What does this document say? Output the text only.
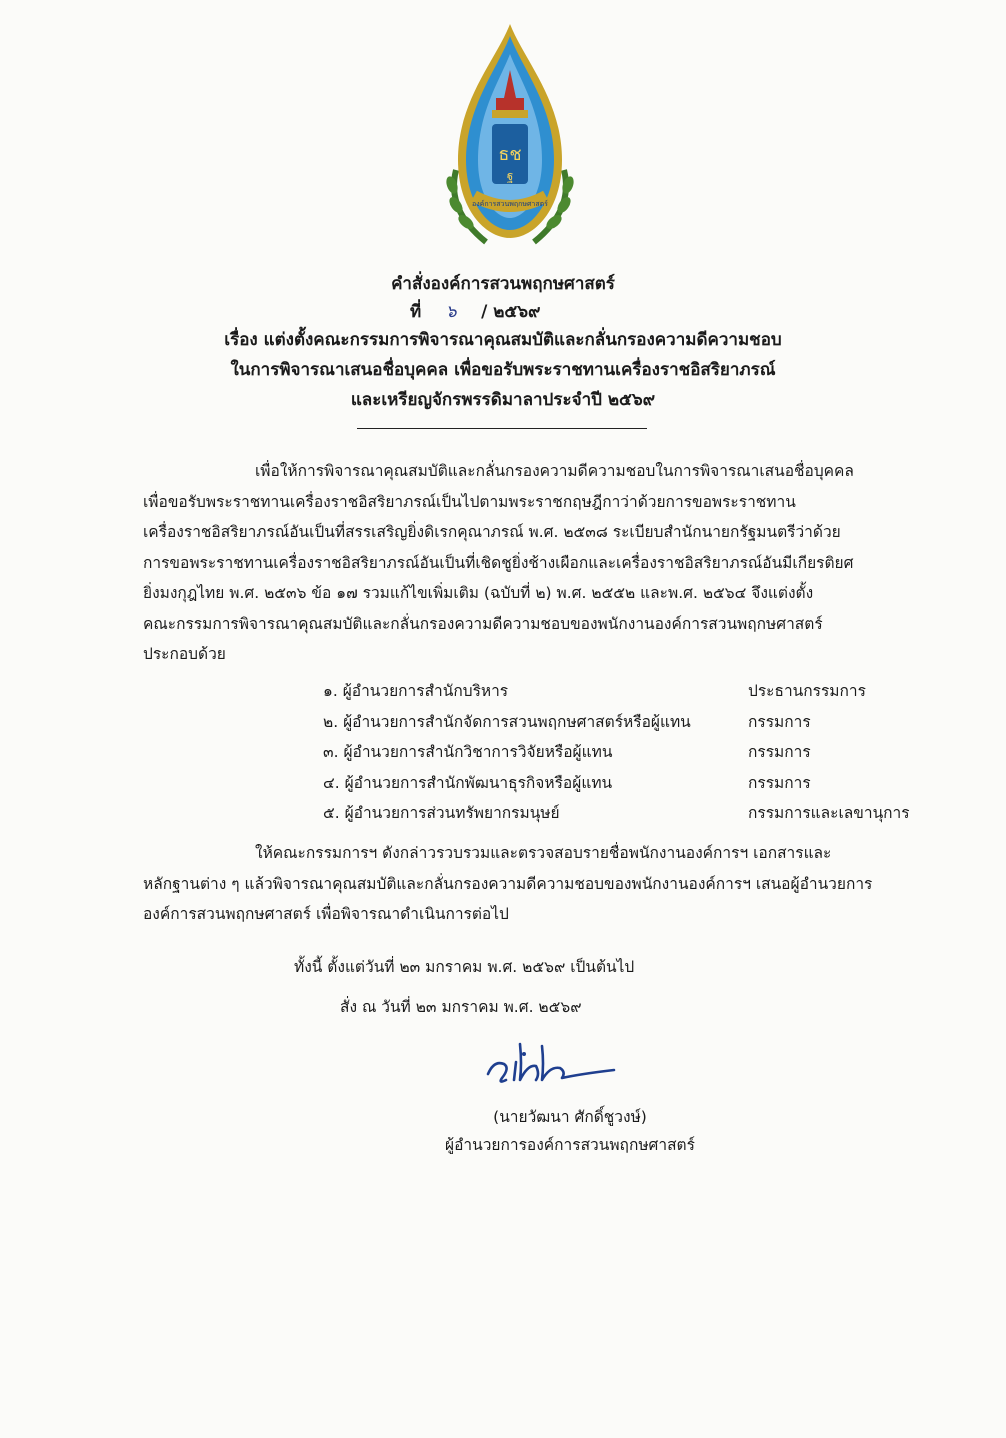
ธช
ฐ
องค์การสวนพฤกษศาสตร์
คำสั่งองค์การสวนพฤกษศาสตร์
ที่ ๖ / ๒๕๖๙
เรื่อง แต่งตั้งคณะกรรมการพิจารณาคุณสมบัติและกลั่นกรองความดีความชอบ
ในการพิจารณาเสนอชื่อบุคคล เพื่อขอรับพระราชทานเครื่องราชอิสริยาภรณ์
และเหรียญจักรพรรดิมาลาประจำปี ๒๕๖๙
เพื่อให้การพิจารณาคุณสมบัติและกลั่นกรองความดีความชอบในการพิจารณาเสนอชื่อบุคคล
เพื่อขอรับพระราชทานเครื่องราชอิสริยาภรณ์เป็นไปตามพระราชกฤษฎีกาว่าด้วยการขอพระราชทาน
เครื่องราชอิสริยาภรณ์อันเป็นที่สรรเสริญยิ่งดิเรกคุณาภรณ์ พ.ศ. ๒๕๓๘ ระเบียบสำนักนายกรัฐมนตรีว่าด้วย
การขอพระราชทานเครื่องราชอิสริยาภรณ์อันเป็นที่เชิดชูยิ่งช้างเผือกและเครื่องราชอิสริยาภรณ์อันมีเกียรติยศ
ยิ่งมงกุฎไทย พ.ศ. ๒๕๓๖ ข้อ ๑๗ รวมแก้ไขเพิ่มเติม (ฉบับที่ ๒) พ.ศ. ๒๕๕๒ และพ.ศ. ๒๕๖๔ จึงแต่งตั้ง
คณะกรรมการพิจารณาคุณสมบัติและกลั่นกรองความดีความชอบของพนักงานองค์การสวนพฤกษศาสตร์
ประกอบด้วย
๑. ผู้อำนวยการสำนักบริหาร	ประธานกรรมการ
๒. ผู้อำนวยการสำนักจัดการสวนพฤกษศาสตร์หรือผู้แทน	กรรมการ
๓. ผู้อำนวยการสำนักวิชาการวิจัยหรือผู้แทน	กรรมการ
๔. ผู้อำนวยการสำนักพัฒนาธุรกิจหรือผู้แทน	กรรมการ
๕. ผู้อำนวยการส่วนทรัพยากรมนุษย์	กรรมการและเลขานุการ
ให้คณะกรรมการฯ ดังกล่าวรวบรวมและตรวจสอบรายชื่อพนักงานองค์การฯ เอกสารและ
หลักฐานต่าง ๆ แล้วพิจารณาคุณสมบัติและกลั่นกรองความดีความชอบของพนักงานองค์การฯ เสนอผู้อำนวยการ
องค์การสวนพฤกษศาสตร์ เพื่อพิจารณาดำเนินการต่อไป
ทั้งนี้ ตั้งแต่วันที่ ๒๓ มกราคม พ.ศ. ๒๕๖๙ เป็นต้นไป
สั่ง ณ วันที่ ๒๓ มกราคม พ.ศ. ๒๕๖๙
(นายวัฒนา ศักดิ์ชูวงษ์)
ผู้อำนวยการองค์การสวนพฤกษศาสตร์
